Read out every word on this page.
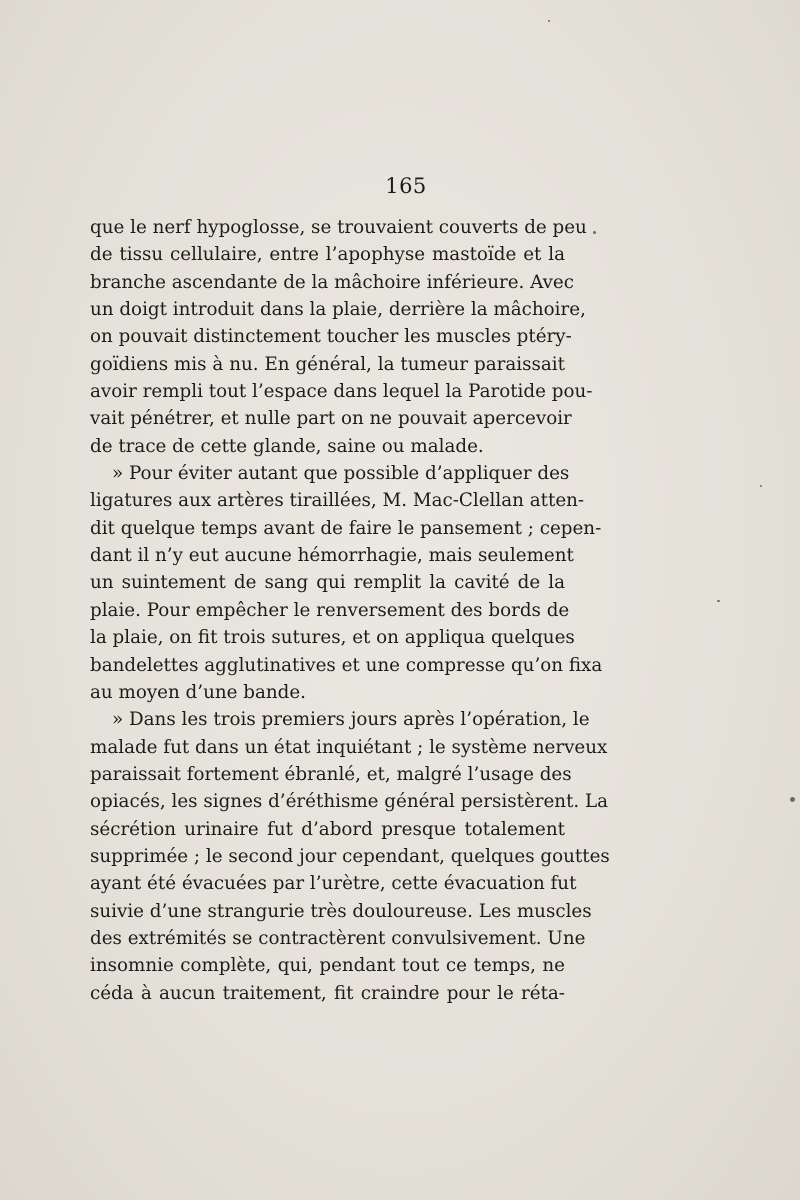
165
que le nerf hypoglosse, se trouvaient couverts de peu
de tissu cellulaire, entre l’apophyse mastoïde et la
branche ascendante de la mâchoire inférieure. Avec
un doigt introduit dans la plaie, derrière la mâchoire,
on pouvait distinctement toucher les muscles ptéry-
goïdiens mis à nu. En général, la tumeur paraissait
avoir rempli tout l’espace dans lequel la Parotide pou-
vait pénétrer, et nulle part on ne pouvait apercevoir
de trace de cette glande, saine ou malade.
» Pour éviter autant que possible d’appliquer des
ligatures aux artères tiraillées, M. Mac-Clellan atten-
dit quelque temps avant de faire le pansement ; cepen-
dant il n’y eut aucune hémorrhagie, mais seulement
un suintement de sang qui remplit la cavité de la
plaie. Pour empêcher le renversement des bords de
la plaie, on fit trois sutures, et on appliqua quelques
bandelettes agglutinatives et une compresse qu’on fixa
au moyen d’une bande.
» Dans les trois premiers jours après l’opération, le
malade fut dans un état inquiétant ; le système nerveux
paraissait fortement ébranlé, et, malgré l’usage des
opiacés, les signes d’éréthisme général persistèrent. La
sécrétion urinaire fut d’abord presque totalement
supprimée ; le second jour cependant, quelques gouttes
ayant été évacuées par l’urètre, cette évacuation fut
suivie d’une strangurie très douloureuse. Les muscles
des extrémités se contractèrent convulsivement. Une
insomnie complète, qui, pendant tout ce temps, ne
céda à aucun traitement, fit craindre pour le réta-
